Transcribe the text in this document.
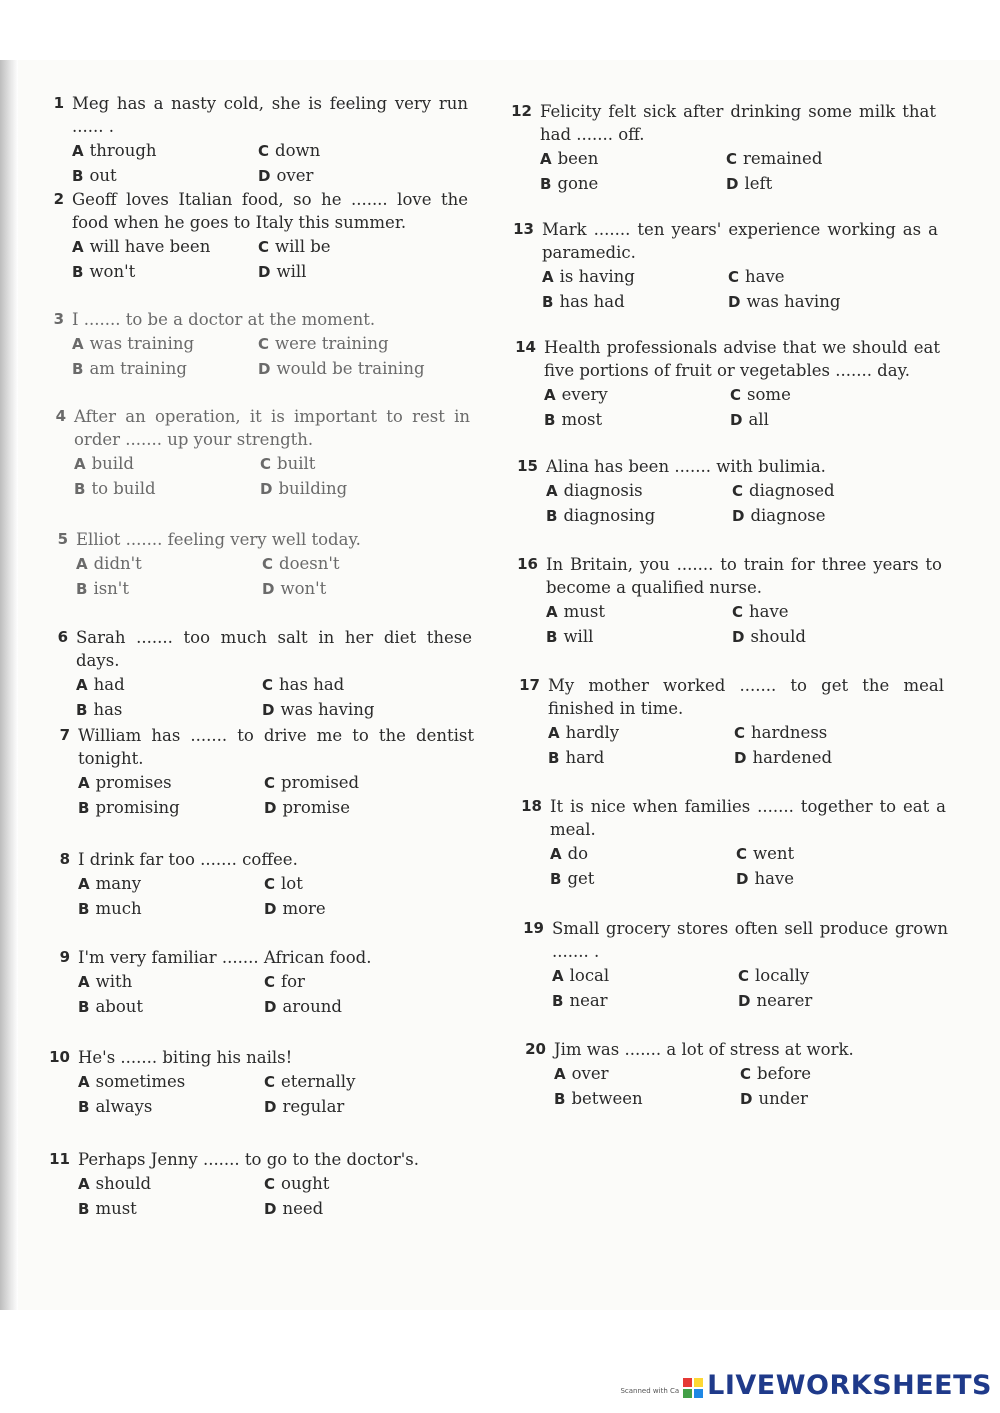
1 Meg has a nasty cold, she is feeling very run ...... .
A through	C down
B out	D over
2 Geoff loves Italian food, so he ....... love the food when he goes to Italy this summer.
A will have been	C will be
B won't	D will
3 I ....... to be a doctor at the moment.
A was training	C were training
B am training	D would be training
4 After an operation, it is important to rest in order ....... up your strength.
A build	C built
B to build	D building
5 Elliot ....... feeling very well today.
A didn't	C doesn't
B isn't	D won't
6 Sarah ....... too much salt in her diet these days.
A had	C has had
B has	D was having
7 William has ....... to drive me to the dentist tonight.
A promises	C promised
B promising	D promise
8 I drink far too ....... coffee.
A many	C lot
B much	D more
9 I'm very familiar ....... African food.
A with	C for
B about	D around
10 He's ....... biting his nails!
A sometimes	C eternally
B always	D regular
11 Perhaps Jenny ....... to go to the doctor's.
A should	C ought
B must	D need
12 Felicity felt sick after drinking some milk that had ....... off.
A been	C remained
B gone	D left
13 Mark ....... ten years' experience working as a paramedic.
A is having	C have
B has had	D was having
14 Health professionals advise that we should eat five portions of fruit or vegetables ....... day.
A every	C some
B most	D all
15 Alina has been ....... with bulimia.
A diagnosis	C diagnosed
B diagnosing	D diagnose
16 In Britain, you ....... to train for three years to become a qualified nurse.
A must	C have
B will	D should
17 My mother worked ....... to get the meal finished in time.
A hardly	C hardness
B hard	D hardened
18 It is nice when families ....... together to eat a meal.
A do	C went
B get	D have
19 Small grocery stores often sell produce grown ....... .
A local	C locally
B near	D nearer
20 Jim was ....... a lot of stress at work.
A over	C before
B between	D under
Scanned with Ca LIVEWORKSHEETS
